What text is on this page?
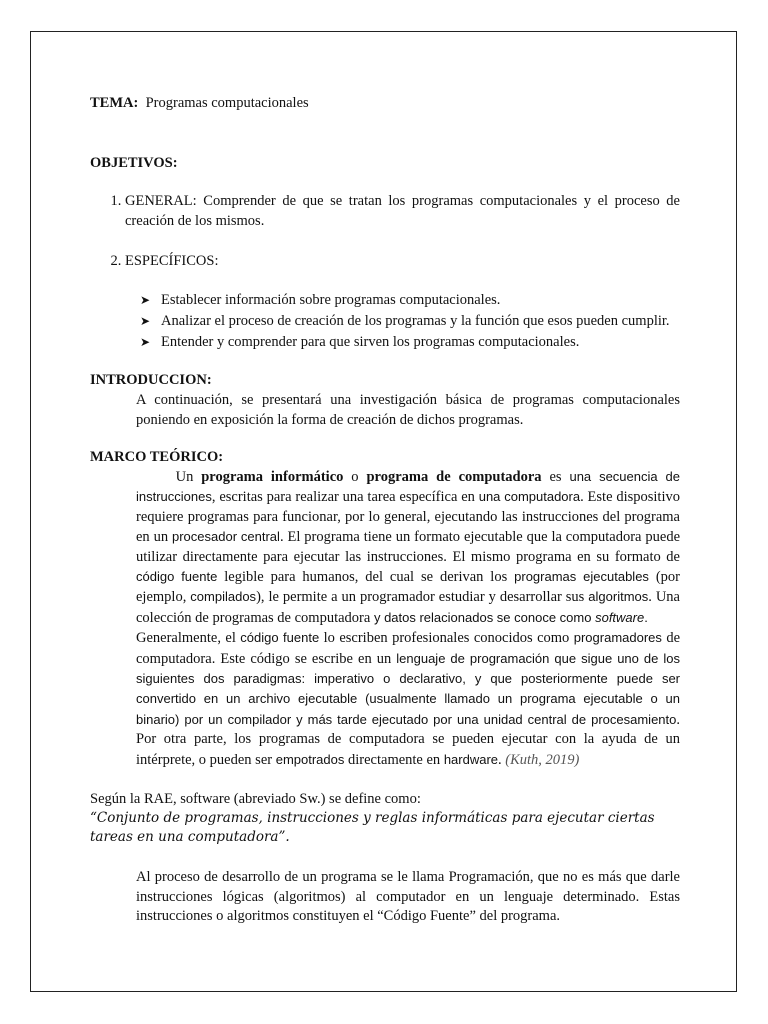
TEMA: Programas computacionales

OBJETIVOS:

1. GENERAL: Comprender de que se tratan los programas computacionales y el proceso de creación de los mismos.
2. ESPECÍFICOS:
➤ Establecer información sobre programas computacionales.
➤ Analizar el proceso de creación de los programas y la función que esos pueden cumplir.
➤ Entender y comprender para que sirven los programas computacionales.

INTRODUCCION:

A continuación, se presentará una investigación básica de programas computacionales poniendo en exposición la forma de creación de dichos programas.

MARCO TEÓRICO:

Un programa informático o programa de computadora es una secuencia de instrucciones, escritas para realizar una tarea específica en una computadora. Este dispositivo requiere programas para funcionar, por lo general, ejecutando las instrucciones del programa en un procesador central. El programa tiene un formato ejecutable que la computadora puede utilizar directamente para ejecutar las instrucciones. El mismo programa en su formato de código fuente legible para humanos, del cual se derivan los programas ejecutables (por ejemplo, compilados), le permite a un programador estudiar y desarrollar sus algoritmos. Una colección de programas de computadora y datos relacionados se conoce como software.
Generalmente, el código fuente lo escriben profesionales conocidos como programadores de computadora. Este código se escribe en un lenguaje de programación que sigue uno de los siguientes dos paradigmas: imperativo o declarativo, y que posteriormente puede ser convertido en un archivo ejecutable (usualmente llamado un programa ejecutable o un binario) por un compilador y más tarde ejecutado por una unidad central de procesamiento. Por otra parte, los programas de computadora se pueden ejecutar con la ayuda de un intérprete, o pueden ser empotrados directamente en hardware. (Kuth, 2019)

Según la RAE, software (abreviado Sw.) se define como:

“Conjunto de programas, instrucciones y reglas informáticas para ejecutar ciertas tareas en una computadora”.

Al proceso de desarrollo de un programa se le llama Programación, que no es más que darle instrucciones lógicas (algoritmos) al computador en un lenguaje determinado. Estas instrucciones o algoritmos constituyen el “Código Fuente” del programa.
